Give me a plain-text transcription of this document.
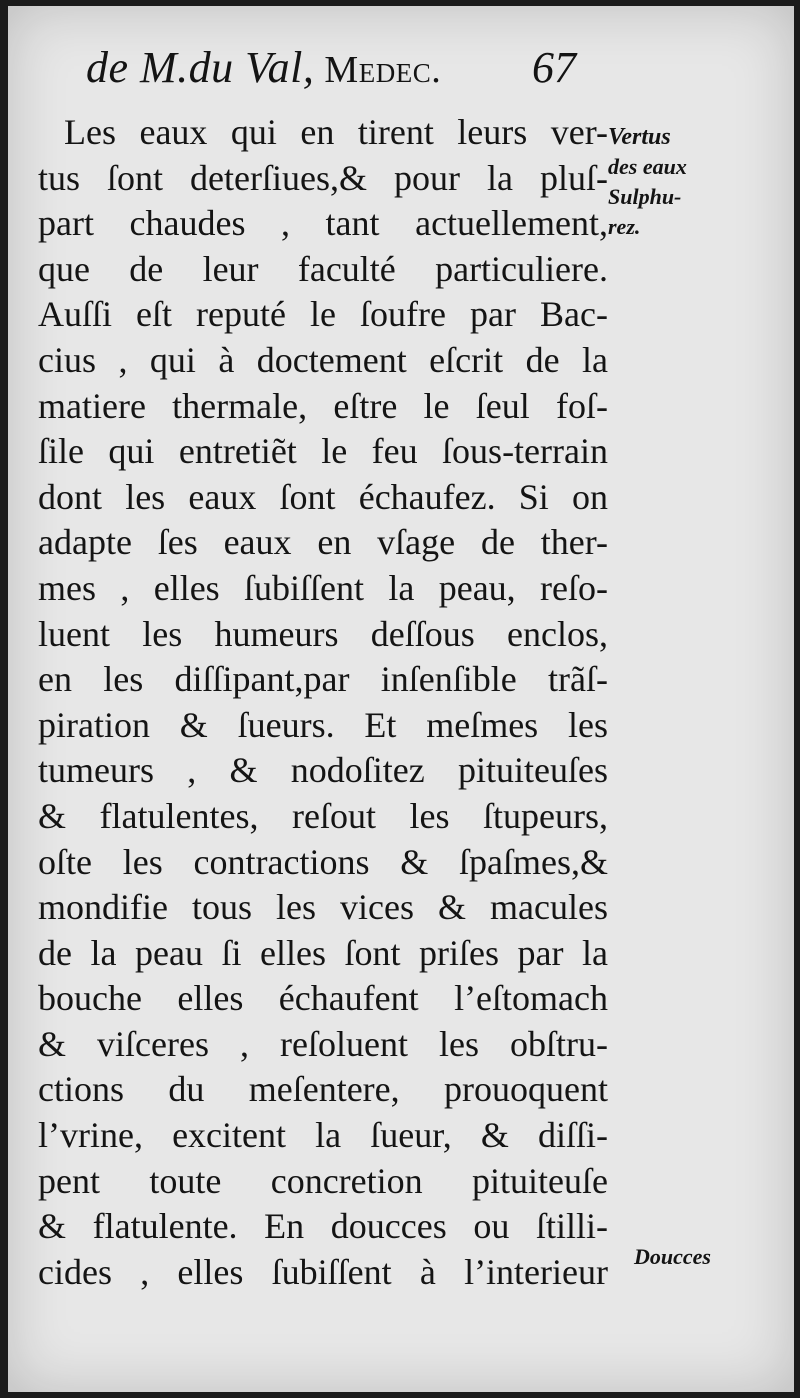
de M.du Val, Medec. 67
Les eaux qui en tirent leurs ver-
tus ſont deterſiues,& pour la pluſ-
part chaudes , tant actuellement,
que de leur faculté particuliere.
Auſſi eſt reputé le ſoufre par Bac-
cius , qui à doctement eſcrit de la
matiere thermale, eſtre le ſeul foſ-
ſile qui entretiẽt le feu ſous-terrain
dont les eaux ſont échaufez. Si on
adapte ſes eaux en vſage de ther-
mes , elles ſubiſſent la peau, reſo-
luent les humeurs deſſous enclos,
en les diſſipant,par inſenſible trãſ-
piration & ſueurs. Et meſmes les
tumeurs , & nodoſitez pituiteuſes
& flatulentes, reſout les ſtupeurs,
oſte les contractions & ſpaſmes,&
mondifie tous les vices & macules
de la peau ſi elles ſont priſes par la
bouche elles échaufent l’eſtomach
& viſceres , reſoluent les obſtru-
ctions du meſentere, prouoquent
l’vrine, excitent la ſueur, & diſſi-
pent toute concretion pituiteuſe
& flatulente. En doucces ou ſtilli-
cides , elles ſubiſſent à l’interieur
Vertus
des eaux
Sulphu-
rez.
Doucces
